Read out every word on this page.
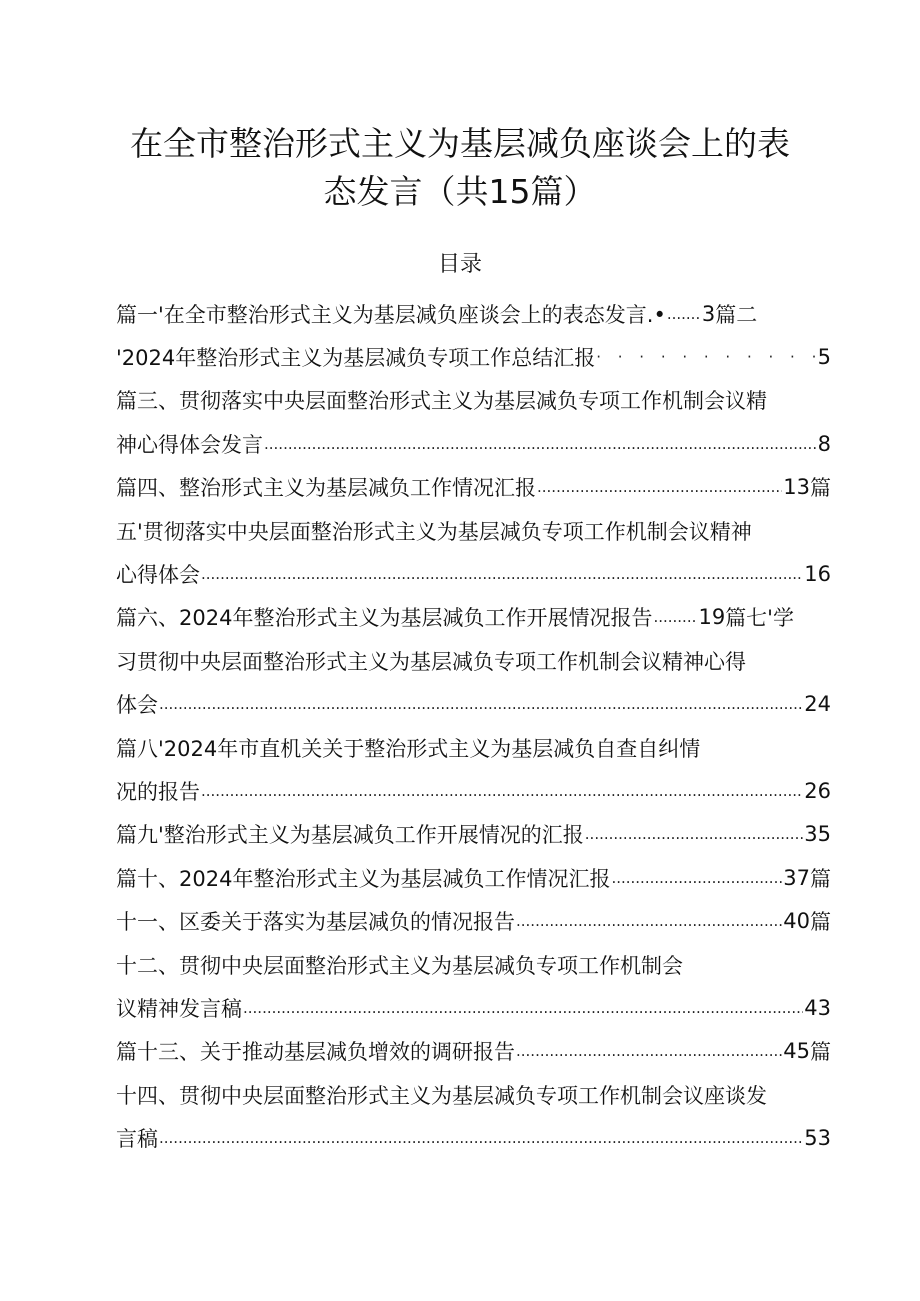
在全市整治形式主义为基层减负座谈会上的表
态发言（共15篇）
目录
篇一'在全市整治形式主义为基层减负座谈会上的表态发言.• ..... 3 篇二
'2024年整治形式主义为基层减负专项工作总结汇报 · · ·	5
篇三、贯彻落实中央层面整治形式主义为基层减负专项工作机制会议精
神心得体会发言 .....	8
篇四、整治形式主义为基层减负工作情况汇报 .....	13 篇
五'贯彻落实中央层面整治形式主义为基层减负专项工作机制会议精神
心得体会 .....	16
篇六、2024年整治形式主义为基层减负工作开展情况报告 ..... 19 篇七'学
习贯彻中央层面整治形式主义为基层减负专项工作机制会议精神心得
体会 .....	24
篇八'2024年市直机关关于整治形式主义为基层减负自查自纠情
况的报告 .....	26
篇九'整治形式主义为基层减负工作开展情况的汇报 .....	35
篇十、2024年整治形式主义为基层减负工作情况汇报 .....	37 篇
十一、区委关于落实为基层减负的情况报告 .....	40 篇
十二、贯彻中央层面整治形式主义为基层减负专项工作机制会
议精神发言稿 .....	43
篇十三、关于推动基层减负增效的调研报告 .....	45 篇
十四、贯彻中央层面整治形式主义为基层减负专项工作机制会议座谈发
言稿 .....	53
